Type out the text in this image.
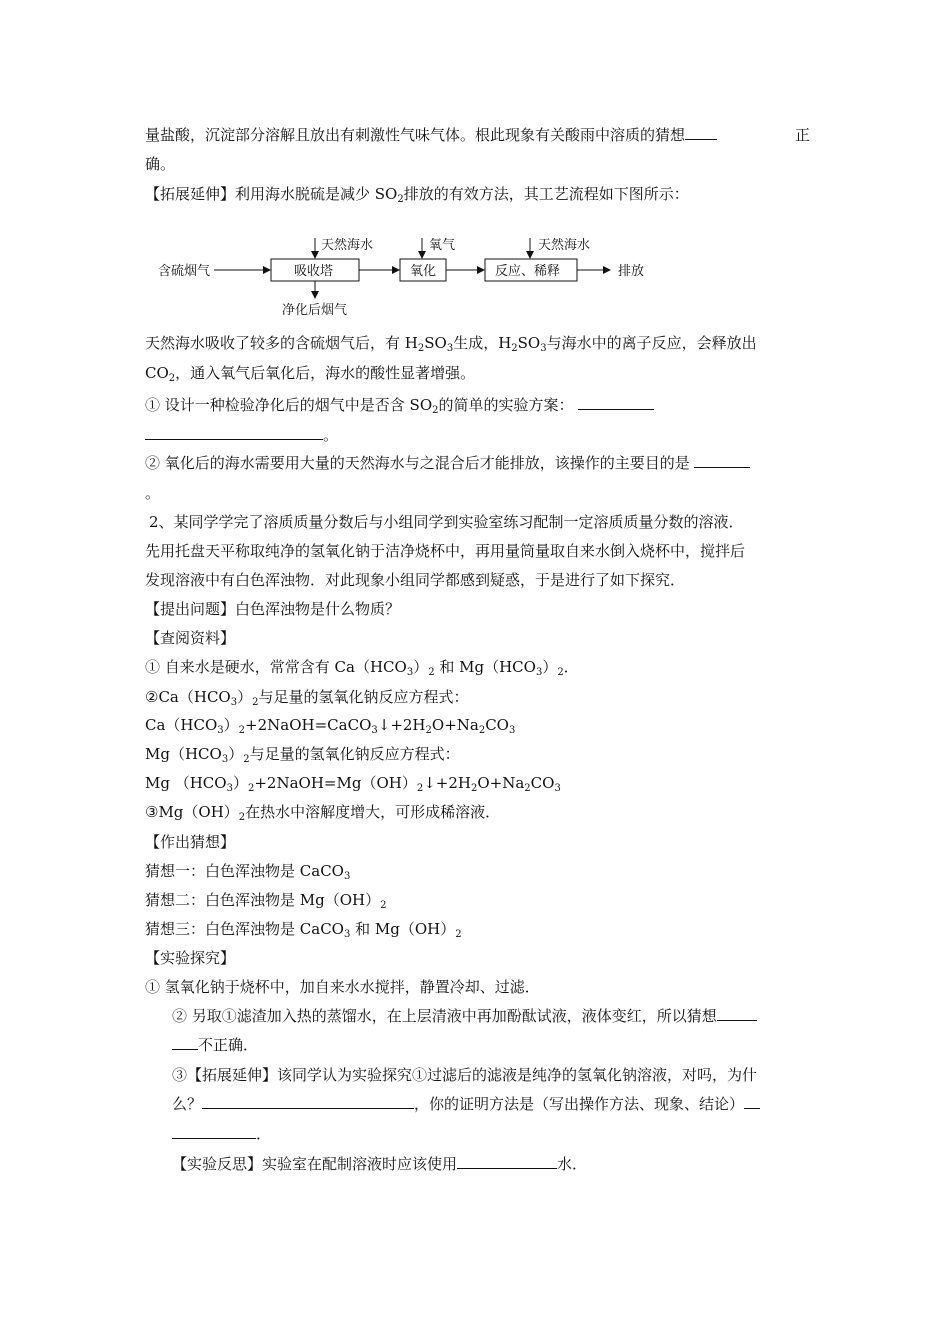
量盐酸，沉淀部分溶解且放出有刺激性气味气体。根此现象有关酸雨中溶质的猜想	正
确。
【拓展延伸】利用海水脱硫是减少 $SO_2$排放的有效方法，其工艺流程如下图所示：
含硫烟气	吸收塔
天然海水
净化后烟气
氧化
氧气
反应、稀释
天然海水
排放
天然海水吸收了较多的含硫烟气后，有 $H_2SO_3$生成，$H_2SO_3$与海水中的离子反应，会释放出
$CO_2$，通入氧气后氧化后，海水的酸性显著增强。
① 设计一种检验净化后的烟气中是否含 $SO_2$的简单的实验方案：
。
② 氧化后的海水需要用大量的天然海水与之混合后才能排放，该操作的主要目的是
。
2、某同学学完了溶质质量分数后与小组同学到实验室练习配制一定溶质质量分数的溶液．
先用托盘天平称取纯净的氢氧化钠于洁净烧杯中，再用量筒量取自来水倒入烧杯中，搅拌后
发现溶液中有白色浑浊物．对此现象小组同学都感到疑惑，于是进行了如下探究．
【提出问题】白色浑浊物是什么物质？
【查阅资料】
① 自来水是硬水，常常含有 $Ca(HCO_3)_2$ 和 $Mg(HCO_3)_2$．
$②Ca(HCO_3)_2$与足量的氢氧化钠反应方程式：
$Ca(HCO_3)_2+2NaOH=CaCO_3↓+2H_2O+Na_2CO_3$
$Mg(HCO_3)_2$与足量的氢氧化钠反应方程式：
Mg $(HCO_3)_2+2NaOH=Mg(OH)_2↓+2H_2O+Na_2CO_3$
$③Mg(OH)_2$在热水中溶解度增大，可形成稀溶液．
【作出猜想】
猜想一：白色浑浊物是 CaCO$_3$
猜想二：白色浑浊物是 $Mg(OH)_2$
猜想三：白色浑浊物是 CaCO$_3$ 和 $Mg(OH)_2$
【实验探究】
① 氢氧化钠于烧杯中，加自来水水搅拌，静置冷却、过滤．
② 另取①滤渣加入热的蒸馏水，在上层清液中再加酚酞试液，液体变红，所以猜想
不正确．
③【拓展延伸】该同学认为实验探究①过滤后的滤液是纯净的氢氧化钠溶液，对吗，为什
么？	，你的证明方法是（写出操作方法、现象、结论）
．
【实验反思】实验室在配制溶液时应该使用	水．
